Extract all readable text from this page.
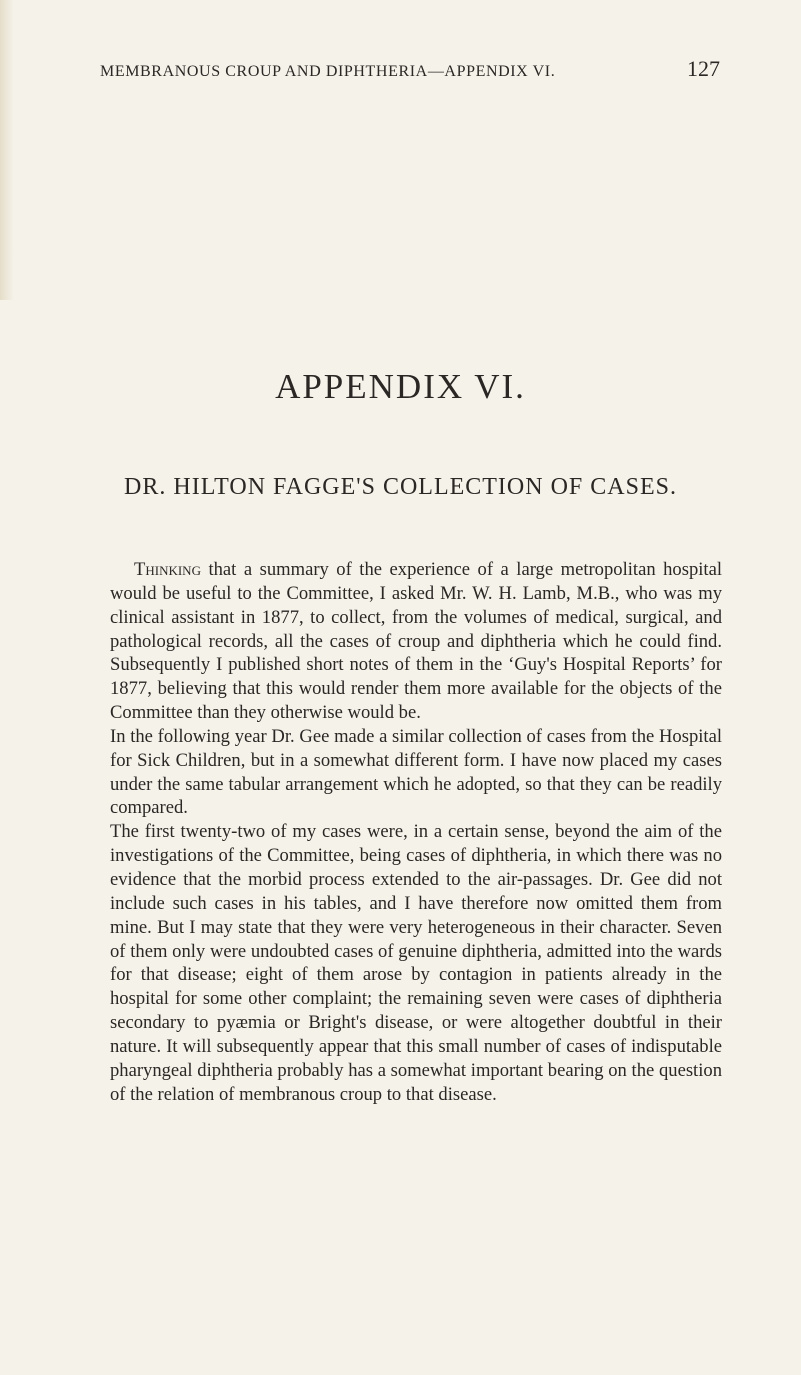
MEMBRANOUS CROUP AND DIPHTHERIA—APPENDIX VI.	127
APPENDIX VI.
DR. HILTON FAGGE'S COLLECTION OF CASES.

Thinking that a summary of the experience of a large metropolitan hospital would be useful to the Committee, I asked Mr. W. H. Lamb, M.B., who was my clinical assistant in 1877, to collect, from the volumes of medical, surgical, and pathological records, all the cases of croup and diphtheria which he could find. Subsequently I published short notes of them in the ‘Guy's Hospital Reports’ for 1877, believing that this would render them more available for the objects of the Committee than they otherwise would be.

In the following year Dr. Gee made a similar collection of cases from the Hospital for Sick Children, but in a somewhat different form. I have now placed my cases under the same tabular arrangement which he adopted, so that they can be readily compared.

The first twenty-two of my cases were, in a certain sense, beyond the aim of the investigations of the Committee, being cases of diphtheria, in which there was no evidence that the morbid process extended to the air-passages. Dr. Gee did not include such cases in his tables, and I have therefore now omitted them from mine. But I may state that they were very heterogeneous in their character. Seven of them only were undoubted cases of genuine diphtheria, admitted into the wards for that disease; eight of them arose by contagion in patients already in the hospital for some other complaint; the remaining seven were cases of diphtheria secondary to pyæmia or Bright's disease, or were altogether doubtful in their nature. It will subsequently appear that this small number of cases of indisputable pharyngeal diphtheria probably has a somewhat important bearing on the question of the relation of membranous croup to that disease.
